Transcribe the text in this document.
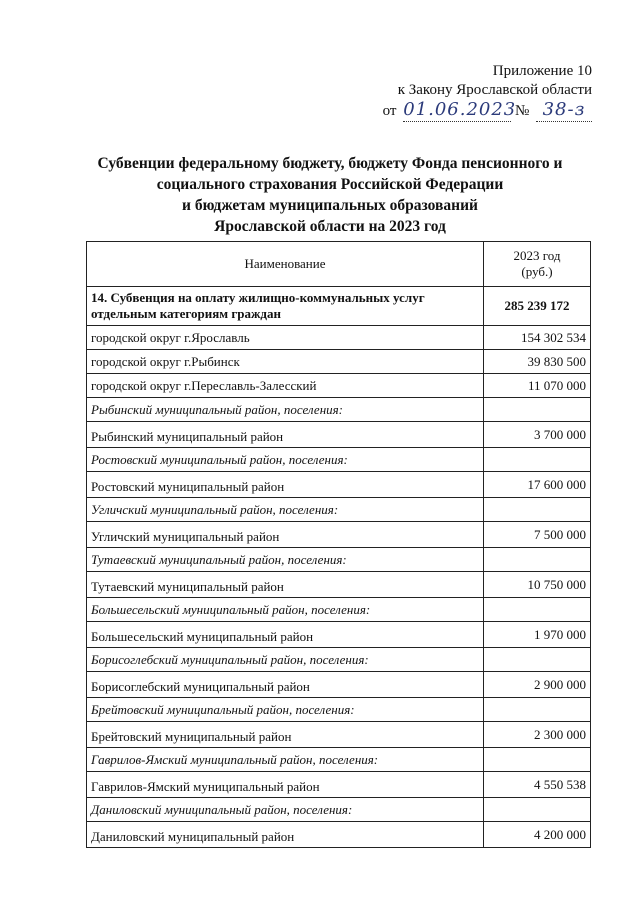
Приложение 10
к Закону Ярославской области
от 01.06.2023 № 38-з
Субвенции федеральному бюджету, бюджету Фонда пенсионного и
социального страхования Российской Федерации
и бюджетам муниципальных образований
Ярославской области на 2023 год
Наименование	2023 год
(руб.)

14. Субвенция на оплату жилищно-коммунальных услуг отдельным категориям граждан	285 239 172
городской округ г.Ярославль	154 302 534
городской округ г.Рыбинск	39 830 500
городской округ г.Переславль-Залесский	11 070 000
Рыбинский муниципальный район, поселения:	
Рыбинский муниципальный район	3 700 000
Ростовский муниципальный район, поселения:	
Ростовский муниципальный район	17 600 000
Угличский муниципальный район, поселения:	
Угличский муниципальный район	7 500 000
Тутаевский муниципальный район, поселения:	
Тутаевский муниципальный район	10 750 000
Большесельский муниципальный район, поселения:	
Большесельский муниципальный район	1 970 000
Борисоглебский муниципальный район, поселения:	
Борисоглебский муниципальный район	2 900 000
Брейтовский муниципальный район, поселения:	
Брейтовский муниципальный район	2 300 000
Гаврилов-Ямский муниципальный район, поселения:	
Гаврилов-Ямский муниципальный район	4 550 538
Даниловский муниципальный район, поселения:	
Даниловский муниципальный район	4 200 000
